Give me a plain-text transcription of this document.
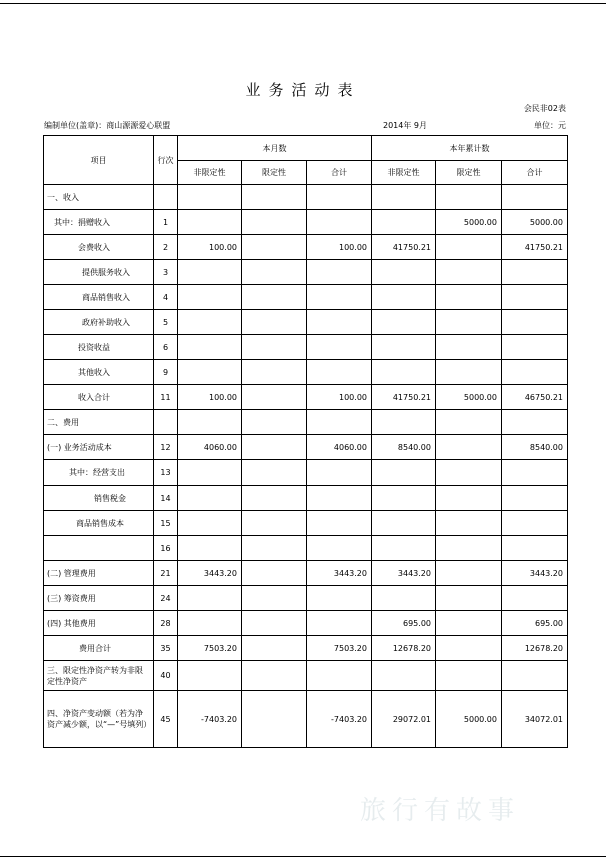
业务活动表
会民非02表
编制单位(盖章)：商山源源爱心联盟	2014年 9月	单位：元
项目	行次	本月数			本年累计数		
		非限定性	限定性	合计	非限定性	限定性	合计
一、收入							
其中：捐赠收入	1					5000.00	5000.00
会费收入	2	100.00		100.00	41750.21		41750.21
提供服务收入	3						
商品销售收入	4						
政府补助收入	5						
投资收益	6						
其他收入	9						
收入合计	11	100.00		100.00	41750.21	5000.00	46750.21
二、费用							
(一) 业务活动成本	12	4060.00		4060.00	8540.00		8540.00
其中：经营支出	13						
销售税金	14						
商品销售成本	15						
	16						
(二) 管理费用	21	3443.20		3443.20	3443.20		3443.20
(三) 筹资费用	24						
(四) 其他费用	28				695.00		695.00
费用合计	35	7503.20		7503.20	12678.20		12678.20
三、限定性净资产转为非限定性净资产	40						
四、净资产变动额（若为净资产减少额，以“—”号填列）	45	-7403.20		-7403.20	29072.01	5000.00	34072.01
旅行有故事
